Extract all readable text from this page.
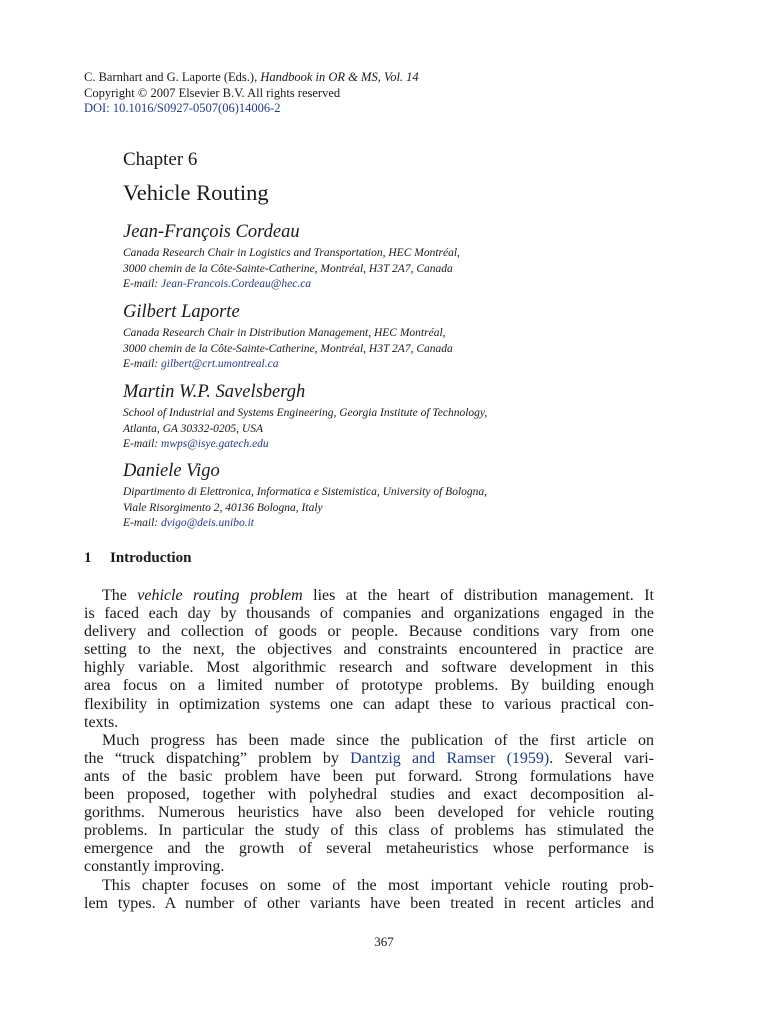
C. Barnhart and G. Laporte (Eds.), Handbook in OR & MS, Vol. 14
Copyright © 2007 Elsevier B.V. All rights reserved
DOI: 10.1016/S0927-0507(06)14006-2
Chapter 6
Vehicle Routing
Jean-François Cordeau
Canada Research Chair in Logistics and Transportation, HEC Montréal,
3000 chemin de la Côte-Sainte-Catherine, Montréal, H3T 2A7, Canada
E-mail: Jean-Francois.Cordeau@hec.ca
Gilbert Laporte
Canada Research Chair in Distribution Management, HEC Montréal,
3000 chemin de la Côte-Sainte-Catherine, Montréal, H3T 2A7, Canada
E-mail: gilbert@crt.umontreal.ca
Martin W.P. Savelsbergh
School of Industrial and Systems Engineering, Georgia Institute of Technology,
Atlanta, GA 30332-0205, USA
E-mail: mwps@isye.gatech.edu
Daniele Vigo
Dipartimento di Elettronica, Informatica e Sistemistica, University of Bologna,
Viale Risorgimento 2, 40136 Bologna, Italy
E-mail: dvigo@deis.unibo.it
1 Introduction
The vehicle routing problem lies at the heart of distribution management. It
is faced each day by thousands of companies and organizations engaged in the
delivery and collection of goods or people. Because conditions vary from one
setting to the next, the objectives and constraints encountered in practice are
highly variable. Most algorithmic research and software development in this
area focus on a limited number of prototype problems. By building enough
flexibility in optimization systems one can adapt these to various practical con-
texts.
Much progress has been made since the publication of the first article on
the “truck dispatching” problem by Dantzig and Ramser (1959). Several vari-
ants of the basic problem have been put forward. Strong formulations have
been proposed, together with polyhedral studies and exact decomposition al-
gorithms. Numerous heuristics have also been developed for vehicle routing
problems. In particular the study of this class of problems has stimulated the
emergence and the growth of several metaheuristics whose performance is
constantly improving.
This chapter focuses on some of the most important vehicle routing prob-
lem types. A number of other variants have been treated in recent articles and
367
